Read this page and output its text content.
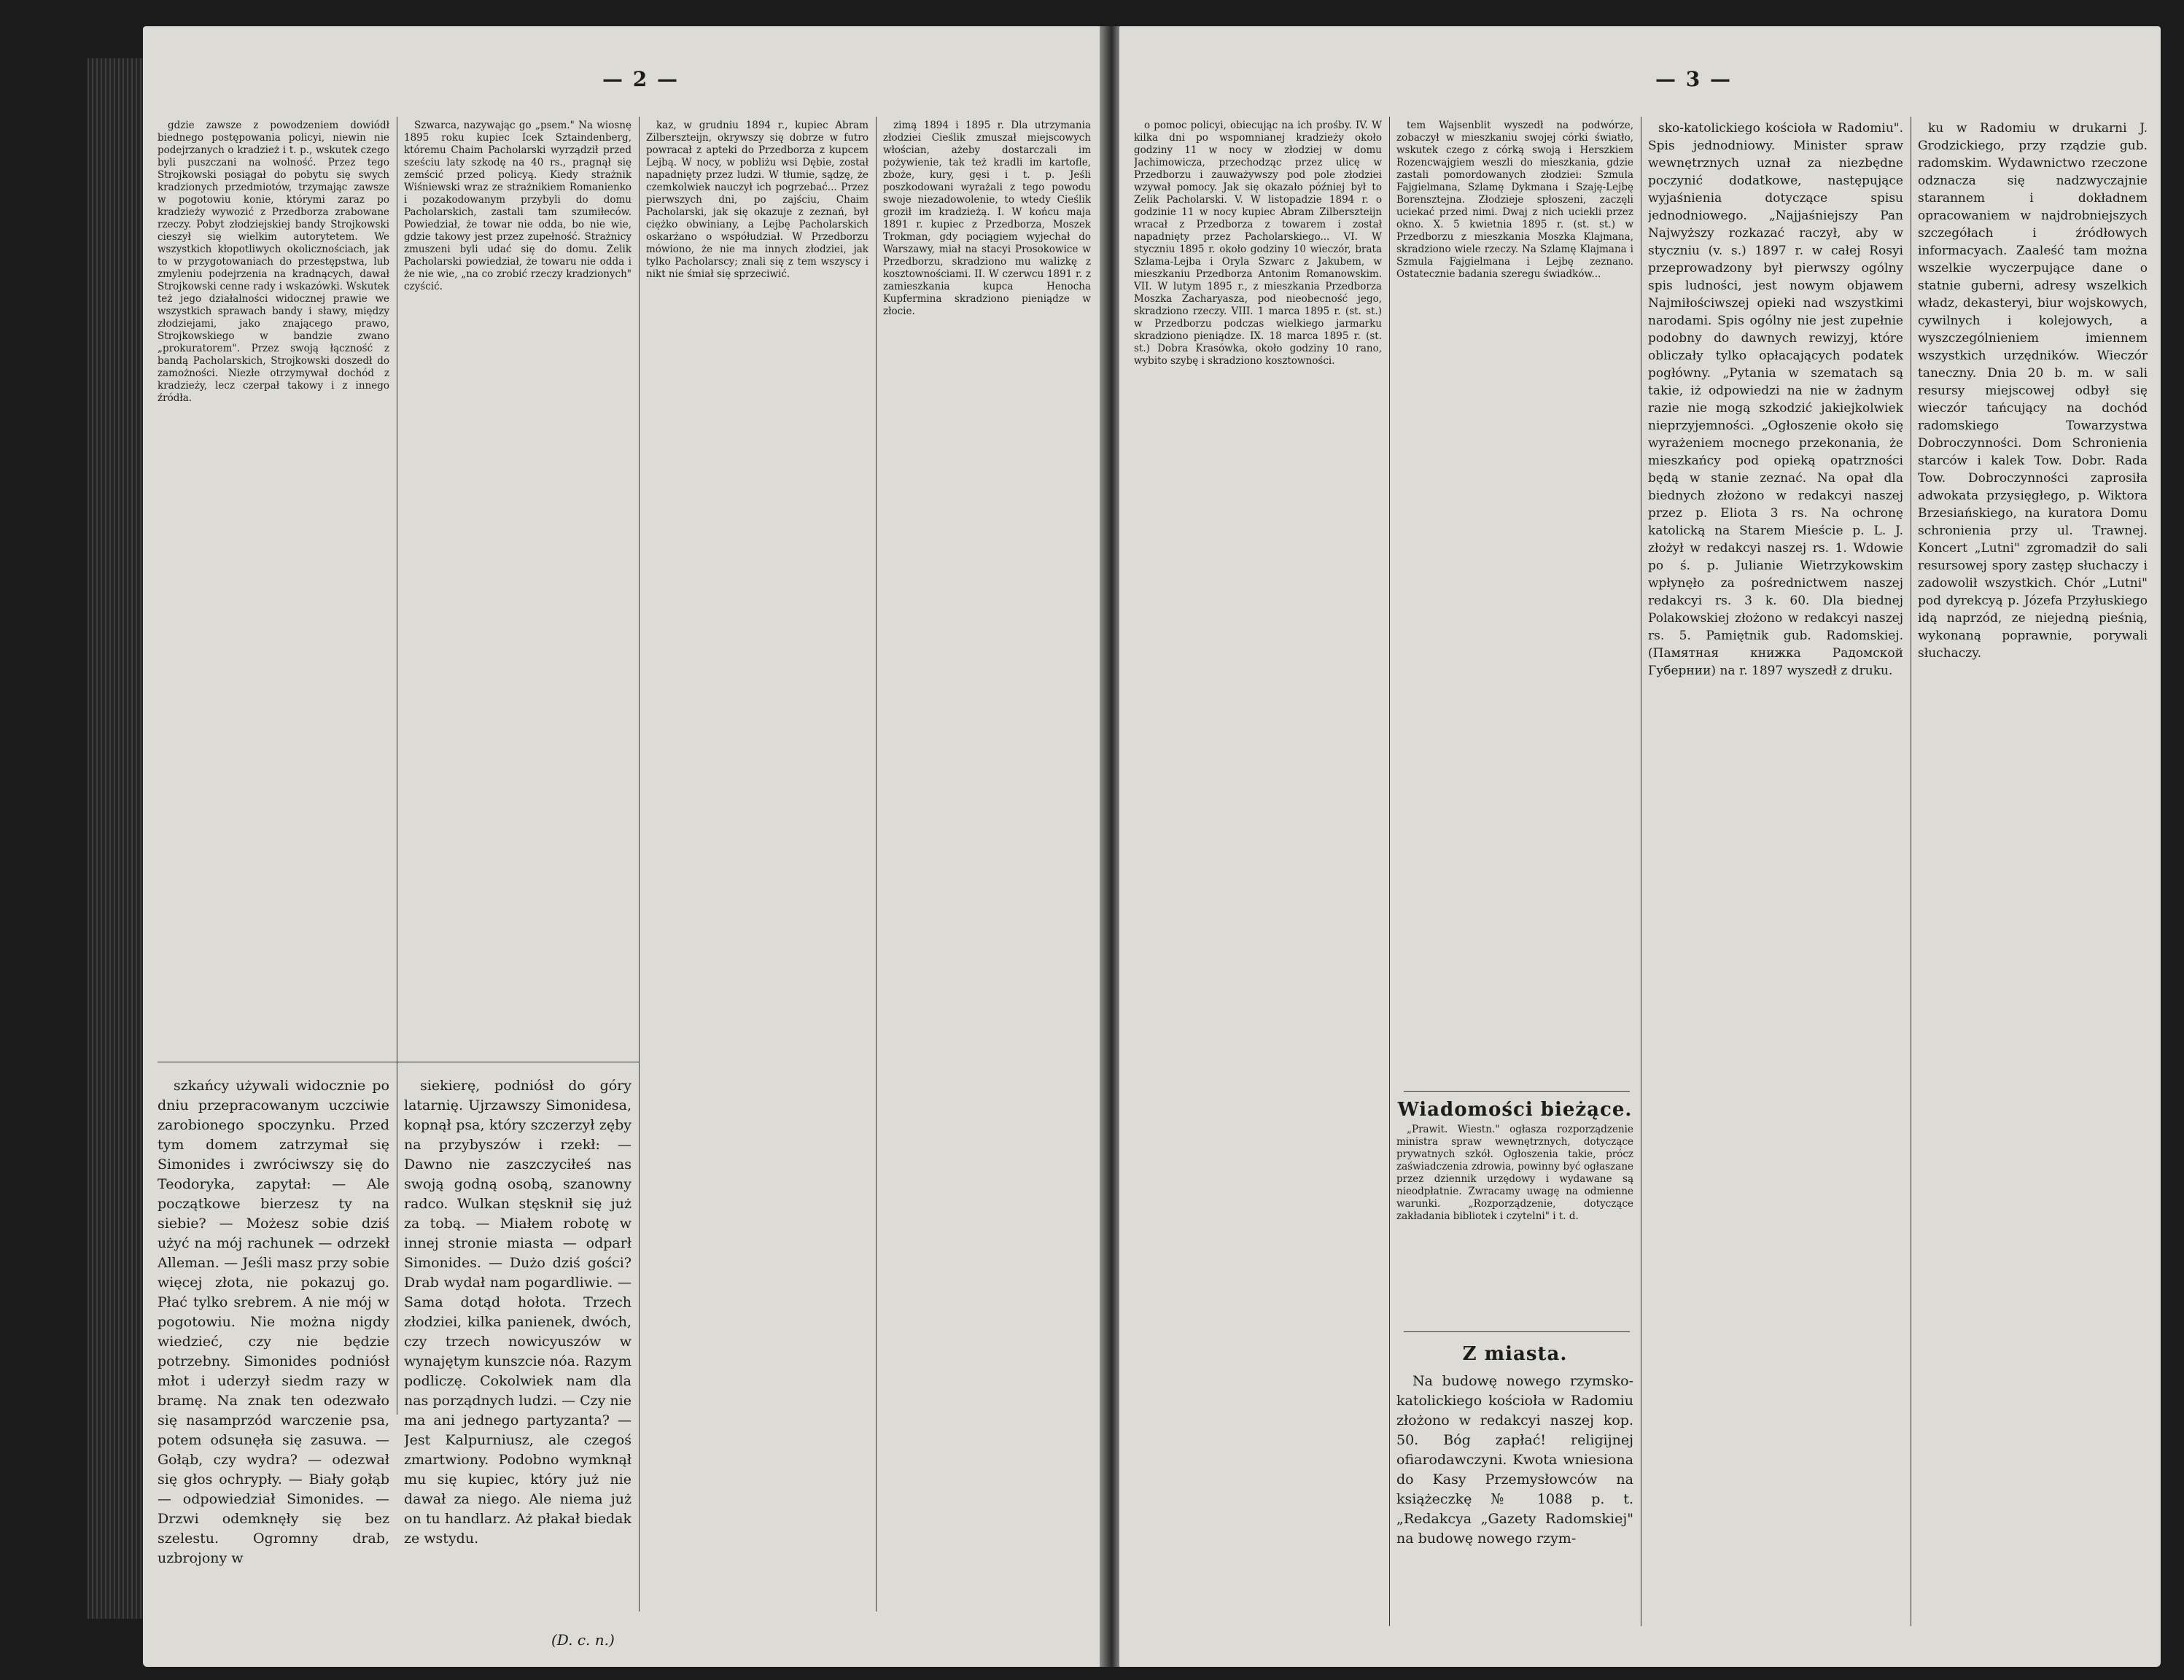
— 2 —

gdzie zawsze z powodzeniem dowiódł biednego postępowania policyi, niewin nie podejrzanych o kradzież i t. p., wskutek czego byli puszczani na wolność. Przez tego Strojkowski posiągał do pobytu się swych kradzionych przedmiotów, trzymając zawsze w pogotowiu konie, którymi zaraz po kradzieży wywozić z Przedborza zrabowane rzeczy. Pobyt złodziejskiej bandy Strojkowski cieszył się wielkim autorytetem. We wszystkich kłopotliwych okolicznościach, jak to w przygotowaniach do przestępstwa, lub zmyleniu podejrzenia na kradnących, dawał Strojkowski cenne rady i wskazówki. Wskutek też jego działalności widocznej prawie we wszystkich sprawach bandy i sławy, między złodziejami, jako znającego prawo, Strojkowskiego w bandzie zwano „prokuratorem". Przez swoją łączność z bandą Pacholarskich, Strojkowski doszedł do zamożności. Niezłe otrzymywał dochód z kradzieży, lecz czerpał takowy i z innego źródła.

szkańcy używali widocznie po dniu przepracowanym uczciwie zarobionego spoczynku. Przed tym domem zatrzymał się Simonides i zwróciwszy się do Teodoryka, zapytał: — Ale początkowe bierzesz ty na siebie? — Możesz sobie dziś użyć na mój rachunek — odrzekł Alleman. — Jeśli masz przy sobie więcej złota, nie pokazuj go. Płać tylko srebrem. A nie mój w pogotowiu. Nie można nigdy wiedzieć, czy nie będzie potrzebny. Simonides podniósł młot i uderzył siedm razy w bramę. Na znak ten odezwało się nasamprzód warczenie psa, potem odsunęła się zasuwa. — Gołąb, czy wydra? — odezwał się głos ochrypły. — Biały gołąb — odpowiedział Simonides. — Drzwi odemknęły się bez szelestu. Ogromny drab, uzbrojony w

Szwarca, nazywając go „psem." Na wiosnę 1895 roku kupiec Icek Sztaindenberg, któremu Chaim Pacholarski wyrządził przed sześciu laty szkodę na 40 rs., pragnął się zemścić przed policyą. Kiedy strażnik Wiśniewski wraz ze strażnikiem Romanienko i pozakodowanym przybyli do domu Pacholarskich, zastali tam szumiłeców. Powiedział, że towar nie odda, bo nie wie, gdzie takowy jest przez zupełność. Strażnicy zmuszeni byli udać się do domu. Zelik Pacholarski powiedział, że towaru nie odda i że nie wie, „na co zrobić rzeczy kradzionych" czyścić.

siekierę, podniósł do góry latarnię. Ujrzawszy Simonidesa, kopnął psa, który szczerzył zęby na przybyszów i rzekł: — Dawno nie zaszczyciłeś nas swoją godną osobą, szanowny radco. Wulkan stęsknił się już za tobą. — Miałem robotę w innej stronie miasta — odparł Simonides. — Dużo dziś gości? Drab wydał nam pogardliwie. — Sama dotąd hołota. Trzech złodziei, kilka panienek, dwóch, czy trzech nowicyuszów w wynajętym kunszcie nóa. Razym podliczę. Cokolwiek nam dla nas porządnych ludzi. — Czy nie ma ani jednego partyzanta? — Jest Kalpurniusz, ale czegoś zmartwiony. Podobno wymknął mu się kupiec, który już nie dawał za niego. Ale niema już on tu handlarz. Aż płakał biedak ze wstydu.

(D. c. n.)

kaz, w grudniu 1894 r., kupiec Abram Zilberszteijn, okrywszy się dobrze w futro powracał z apteki do Przedborza z kupcem Lejbą. W nocy, w pobliżu wsi Dębie, został napadnięty przez ludzi. W tłumie, sądzę, że czemkolwiek nauczył ich pogrzebać... Przez pierwszych dni, po zajściu, Chaim Pacholarski, jak się okazuje z zeznań, był ciężko obwiniany, a Lejbę Pacholarskich oskarżano o współudział. W Przedborzu mówiono, że nie ma innych złodziei, jak tylko Pacholarscy; znali się z tem wszyscy i nikt nie śmiał się sprzeciwić.

zimą 1894 i 1895 r. Dla utrzymania złodziei Cieślik zmuszał miejscowych włościan, ażeby dostarczali im pożywienie, tak też kradli im kartofle, zboże, kury, gęsi i t. p. Jeśli poszkodowani wyrażali z tego powodu swoje niezadowolenie, to wtedy Cieślik groził im kradzieżą. I. W końcu maja 1891 r. kupiec z Przedborza, Moszek Trokman, gdy pociągiem wyjechał do Warszawy, miał na stacyi Prosokowice w Przedborzu, skradziono mu walizkę z kosztownościami. II. W czerwcu 1891 r. z zamieszkania kupca Henocha Kupfermina skradziono pieniądze w złocie.

— 3 —

o pomoc policyi, obiecując na ich prośby. IV. W kilka dni po wspomnianej kradzieży około godziny 11 w nocy w złodziej w domu Jachimowicza, przechodząc przez ulicę w Przedborzu i zauważywszy pod pole złodziei wzywał pomocy. Jak się okazało później był to Zelik Pacholarski. V. W listopadzie 1894 r. o godzinie 11 w nocy kupiec Abram Zilberszteijn wracał z Przedborza z towarem i został napadnięty przez Pacholarskiego... VI. W styczniu 1895 r. około godziny 10 wieczór, brata Szlama-Lejba i Oryla Szwarc z Jakubem, w mieszkaniu Przedborza Antonim Romanowskim. VII. W lutym 1895 r., z mieszkania Przedborza Moszka Zacharyasza, pod nieobecność jego, skradziono rzeczy. VIII. 1 marca 1895 r. (st. st.) w Przedborzu podczas wielkiego jarmarku skradziono pieniądze. IX. 18 marca 1895 r. (st. st.) Dobra Krasówka, około godziny 10 rano, wybito szybę i skradziono kosztowności.

tem Wajsenblit wyszedł na podwórze, zobaczył w mieszkaniu swojej córki światło, wskutek czego z córką swoją i Herszkiem Rozencwajgiem weszli do mieszkania, gdzie zastali pomordowanych złodziei: Szmula Fajgielmana, Szlamę Dykmana i Szaję-Lejbę Borensztejna. Złodzieje spłoszeni, zaczęli uciekać przed nimi. Dwaj z nich uciekli przez okno. X. 5 kwietnia 1895 r. (st. st.) w Przedborzu z mieszkania Moszka Klajmana, skradziono wiele rzeczy. Na Szlamę Klajmana i Szmula Fajgielmana i Lejbę zeznano. Ostatecznie badania szeregu świadków...

Wiadomości bieżące.

„Prawit. Wiestn." ogłasza rozporządzenie ministra spraw wewnętrznych, dotyczące prywatnych szkół. Ogłoszenia takie, prócz zaświadczenia zdrowia, powinny być ogłaszane przez dziennik urzędowy i wydawane są nieodpłatnie. Zwracamy uwagę na odmienne warunki. „Rozporządzenie, dotyczące zakładania bibliotek i czytelni" i t. d.

Z miasta.

Na budowę nowego rzymsko-katolickiego kościoła w Radomiu złożono w redakcyi naszej kop. 50. Bóg zapłać! religijnej ofiarodawczyni. Kwota wniesiona do Kasy Przemysłowców na książeczkę № 1088 p. t. „Redakcya „Gazety Radomskiej" na budowę nowego rzym-

sko-katolickiego kościoła w Radomiu". Spis jednodniowy. Minister spraw wewnętrznych uznał za niezbędne poczynić dodatkowe, następujące wyjaśnienia dotyczące spisu jednodniowego. „Najjaśniejszy Pan Najwyższy rozkazać raczył, aby w styczniu (v. s.) 1897 r. w całej Rosyi przeprowadzony był pierwszy ogólny spis ludności, jest nowym objawem Najmiłościwszej opieki nad wszystkimi narodami. Spis ogólny nie jest zupełnie podobny do dawnych rewizyj, które obliczały tylko opłacających podatek pogłówny. „Pytania w szematach są takie, iż odpowiedzi na nie w żadnym razie nie mogą szkodzić jakiejkolwiek nieprzyjemności. „Ogłoszenie około się wyrażeniem mocnego przekonania, że mieszkańcy pod opieką opatrzności będą w stanie zeznać. Na opał dla biednych złożono w redakcyi naszej przez p. Eliota 3 rs. Na ochronę katolicką na Starem Mieście p. L. J. złożył w redakcyi naszej rs. 1. Wdowie po ś. p. Julianie Wietrzykowskim wpłynęło za pośrednictwem naszej redakcyi rs. 3 k. 60. Dla biednej Polakowskiej złożono w redakcyi naszej rs. 5. Pamiętnik gub. Radomskiej. (Памятная книжка Радомской Губернии) na r. 1897 wyszedł z druku.

ku w Radomiu w drukarni J. Grodzickiego, przy rządzie gub. radomskim. Wydawnictwo rzeczone odznacza się nadzwyczajnie starannem i dokładnem opracowaniem w najdrobniejszych szczegółach i źródłowych informacyach. Zaaleść tam można wszelkie wyczerpujące dane o statnie guberni, adresy wszelkich władz, dekasteryi, biur wojskowych, cywilnych i kolejowych, a wyszczególnieniem imiennem wszystkich urzędników. Wieczór taneczny. Dnia 20 b. m. w sali resursy miejscowej odbył się wieczór tańcujący na dochód radomskiego Towarzystwa Dobroczynności. Dom Schronienia starców i kalek Tow. Dobr. Rada Tow. Dobroczynności zaprosiła adwokata przysięgłego, p. Wiktora Brzesiańskiego, na kuratora Domu schronienia przy ul. Trawnej. Koncert „Lutni" zgromadził do sali resursowej spory zastęp słuchaczy i zadowolił wszystkich. Chór „Lutni" pod dyrekcyą p. Józefa Przyłuskiego idą naprzód, ze niejedną pieśnią, wykonaną poprawnie, porywali słuchaczy.
